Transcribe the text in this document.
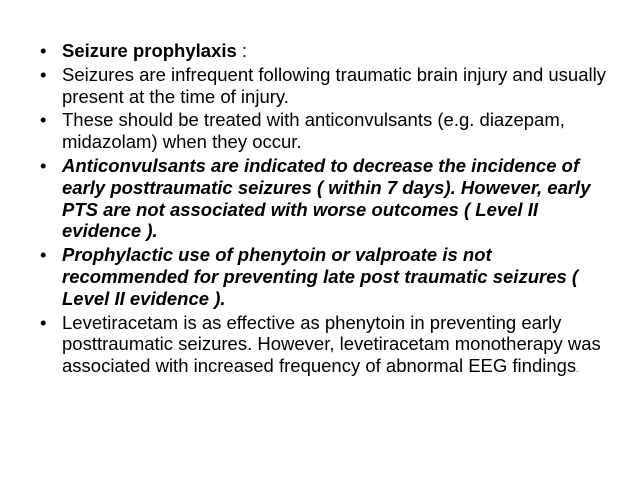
• Seizure prophylaxis :
• Seizures are infrequent following traumatic brain injury and usually present at the time of injury.
• These should be treated with anticonvulsants (e.g. diazepam, midazolam) when they occur.
• Anticonvulsants are indicated to decrease the incidence of early posttraumatic seizures ( within 7 days). However, early PTS are not associated with worse outcomes ( Level II evidence ).
• Prophylactic use of phenytoin or valproate is not recommended for preventing late post traumatic seizures ( Level II evidence ).
• Levetiracetam is as effective as phenytoin in preventing early posttraumatic seizures. However, levetiracetam monotherapy was associated with increased frequency of abnormal EEG findings.
